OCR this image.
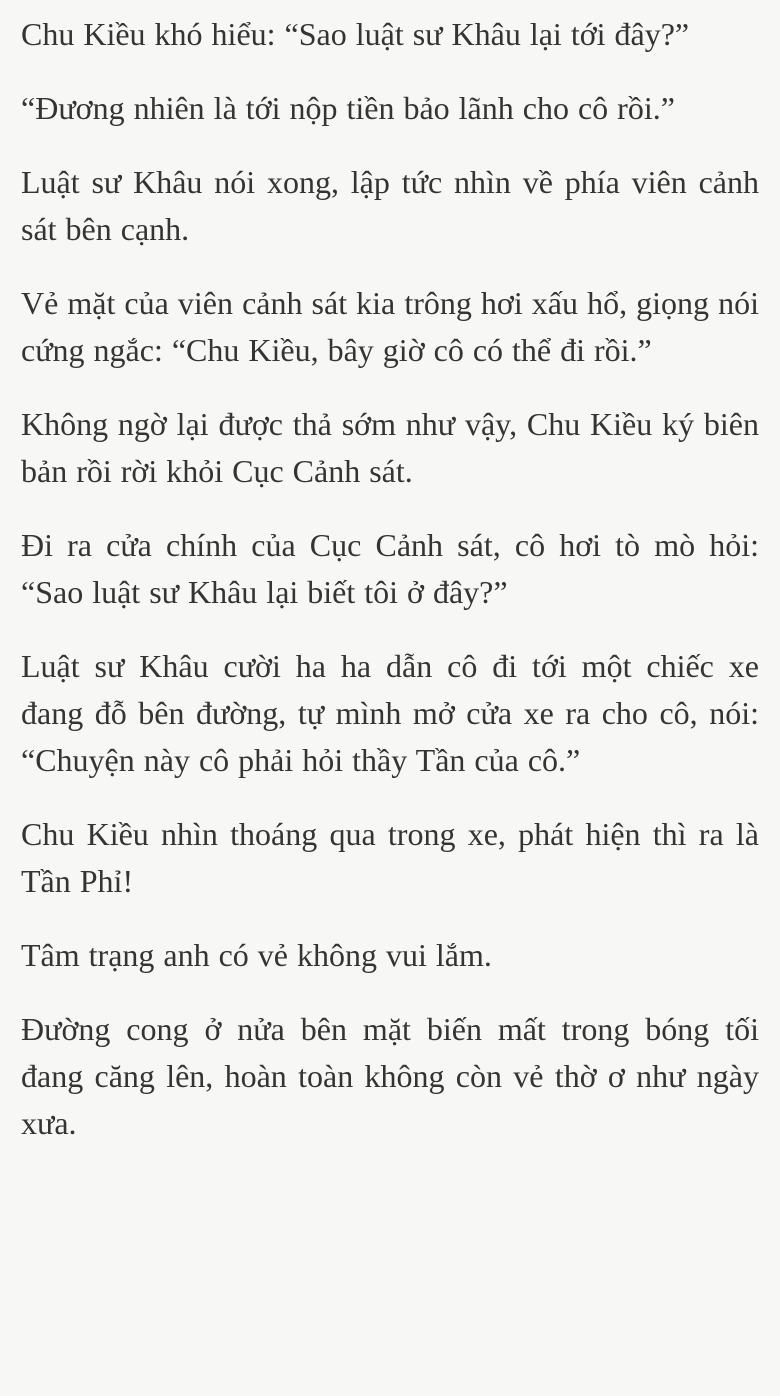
Chu Kiều khó hiểu: “Sao luật sư Khâu lại tới đây?”

“Đương nhiên là tới nộp tiền bảo lãnh cho cô rồi.”

Luật sư Khâu nói xong, lập tức nhìn về phía viên cảnh sát bên cạnh.

Vẻ mặt của viên cảnh sát kia trông hơi xấu hổ, giọng nói cứng ngắc: “Chu Kiều, bây giờ cô có thể đi rồi.”

Không ngờ lại được thả sớm như vậy, Chu Kiều ký biên bản rồi rời khỏi Cục Cảnh sát.

Đi ra cửa chính của Cục Cảnh sát, cô hơi tò mò hỏi: “Sao luật sư Khâu lại biết tôi ở đây?”

Luật sư Khâu cười ha ha dẫn cô đi tới một chiếc xe đang đỗ bên đường, tự mình mở cửa xe ra cho cô, nói: “Chuyện này cô phải hỏi thầy Tần của cô.”

Chu Kiều nhìn thoáng qua trong xe, phát hiện thì ra là Tần Phỉ!

Tâm trạng anh có vẻ không vui lắm.

Đường cong ở nửa bên mặt biến mất trong bóng tối đang căng lên, hoàn toàn không còn vẻ thờ ơ như ngày xưa.
